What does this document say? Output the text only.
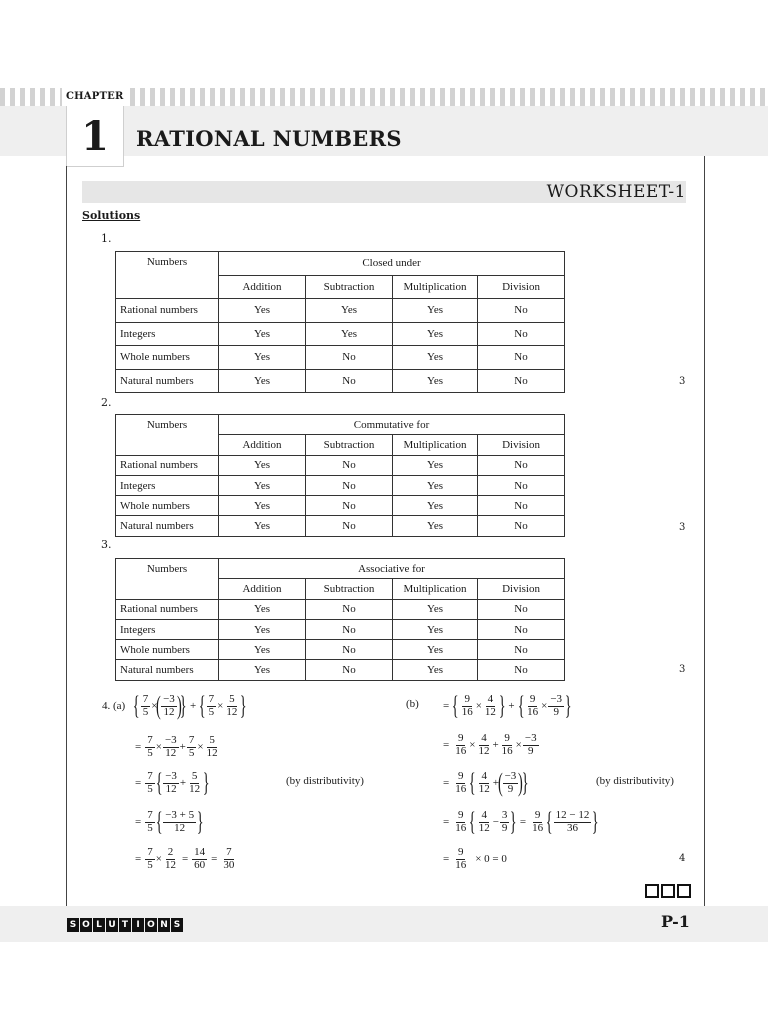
CHAPTER
1	RATIONAL NUMBERS
WORKSHEET-1
Solutions
1.
Numbers	Closed under			
	Addition	Subtraction	Multiplication	Division
Rational numbers	Yes	Yes	Yes	No
Integers	Yes	Yes	Yes	No
Whole numbers	Yes	No	Yes	No
Natural numbers	Yes	No	Yes	No	3
2.
Numbers	Commutative for			
	Addition	Subtraction	Multiplication	Division
Rational numbers	Yes	No	Yes	No
Integers	Yes	No	Yes	No
Whole numbers	Yes	No	Yes	No
Natural numbers	Yes	No	Yes	No	3
3.
Numbers	Associative for			
	Addition	Subtraction	Multiplication	Division
Rational numbers	Yes	No	Yes	No
Integers	Yes	No	Yes	No
Whole numbers	Yes	No	Yes	No
Natural numbers	Yes	No	Yes	No	3
4. (a) { $\frac{7}{5}$ ×
( $\frac{-3}{12}$ )
} + { $\frac{7}{5} \times \frac{5}{12}$ }
= $\frac{7}{5} \times \frac{-3}{12} + \frac{7}{5} \times \frac{5}{12}$
= $\frac{7}{5}$ { $\frac{-3}{12} + \frac{5}{12}$ }	(by distributivity)
= $\frac{7}{5}$ { $\frac{-3 + 5}{12}$ }
= $\frac{7}{5} \times \frac{2}{12} = \frac{14}{60} = \frac{7}{30}$
(b) = { $\frac{9}{16} \times \frac{4}{12}$ } + { $\frac{9}{16} \times \frac{-3}{9}$ }
= $\frac{9}{16} \times \frac{4}{12} + \frac{9}{16} \times \frac{-3}{9}$
= $\frac{9}{16}$ { $\frac{4}{12}$ +
( $\frac{-3}{9}$ )
}	(by distributivity)
= $\frac{9}{16}$ { $\frac{4}{12} - \frac{3}{9}$ } = $\frac{9}{16}$ { $\frac{12 - 12}{36}$ }
= $\frac{9}{16} \times 0 = 0$	4
S O L U T I O N S	P-1
